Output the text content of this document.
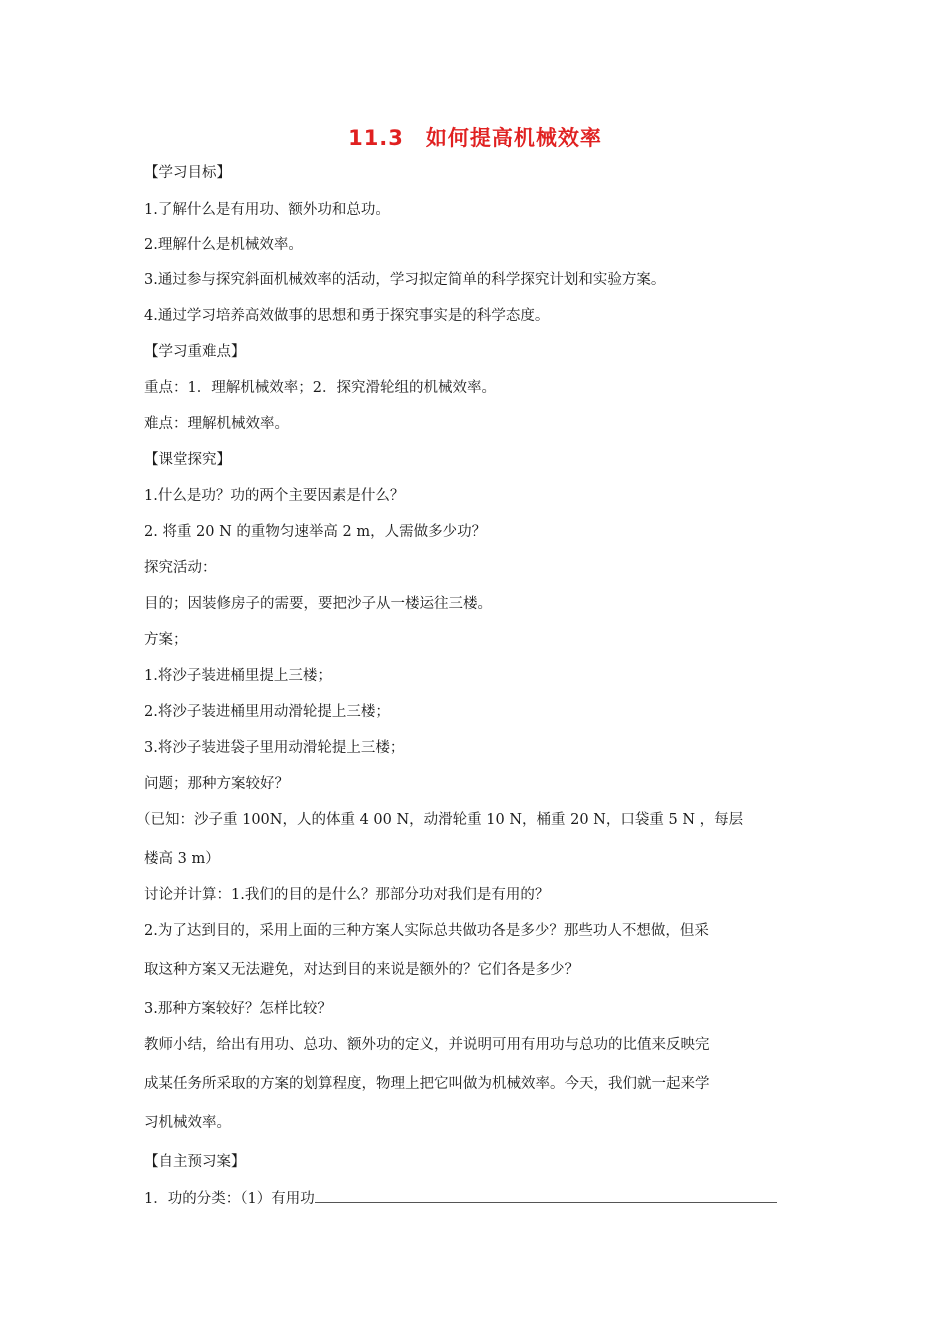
11.3 如何提高机械效率
【学习目标】
1.了解什么是有用功、额外功和总功。
2.理解什么是机械效率。
3.通过参与探究斜面机械效率的活动，学习拟定简单的科学探究计划和实验方案。
4.通过学习培养高效做事的思想和勇于探究事实是的科学态度。
【学习重难点】
重点：1．理解机械效率；2．探究滑轮组的机械效率。
难点：理解机械效率。
【课堂探究】
1.什么是功？功的两个主要因素是什么？
2. 将重 20 N 的重物匀速举高 2 m，人需做多少功？
探究活动：
目的；因装修房子的需要，要把沙子从一楼运往三楼。
方案；
1.将沙子装进桶里提上三楼；
2.将沙子装进桶里用动滑轮提上三楼；
3.将沙子装进袋子里用动滑轮提上三楼；
问题；那种方案较好？
（已知：沙子重 100N，人的体重 4 00 N，动滑轮重 10 N，桶重 20 N，口袋重 5 N ，每层
楼高 3 m）
讨论并计算：1.我们的目的是什么？那部分功对我们是有用的？
2.为了达到目的，采用上面的三种方案人实际总共做功各是多少？那些功人不想做，但采
取这种方案又无法避免，对达到目的来说是额外的？它们各是多少？
3.那种方案较好？怎样比较？
教师小结，给出有用功、总功、额外功的定义，并说明可用有用功与总功的比值来反映完
成某任务所采取的方案的划算程度，物理上把它叫做为机械效率。今天，我们就一起来学
习机械效率。
【自主预习案】
1．功的分类：（1）有用功
